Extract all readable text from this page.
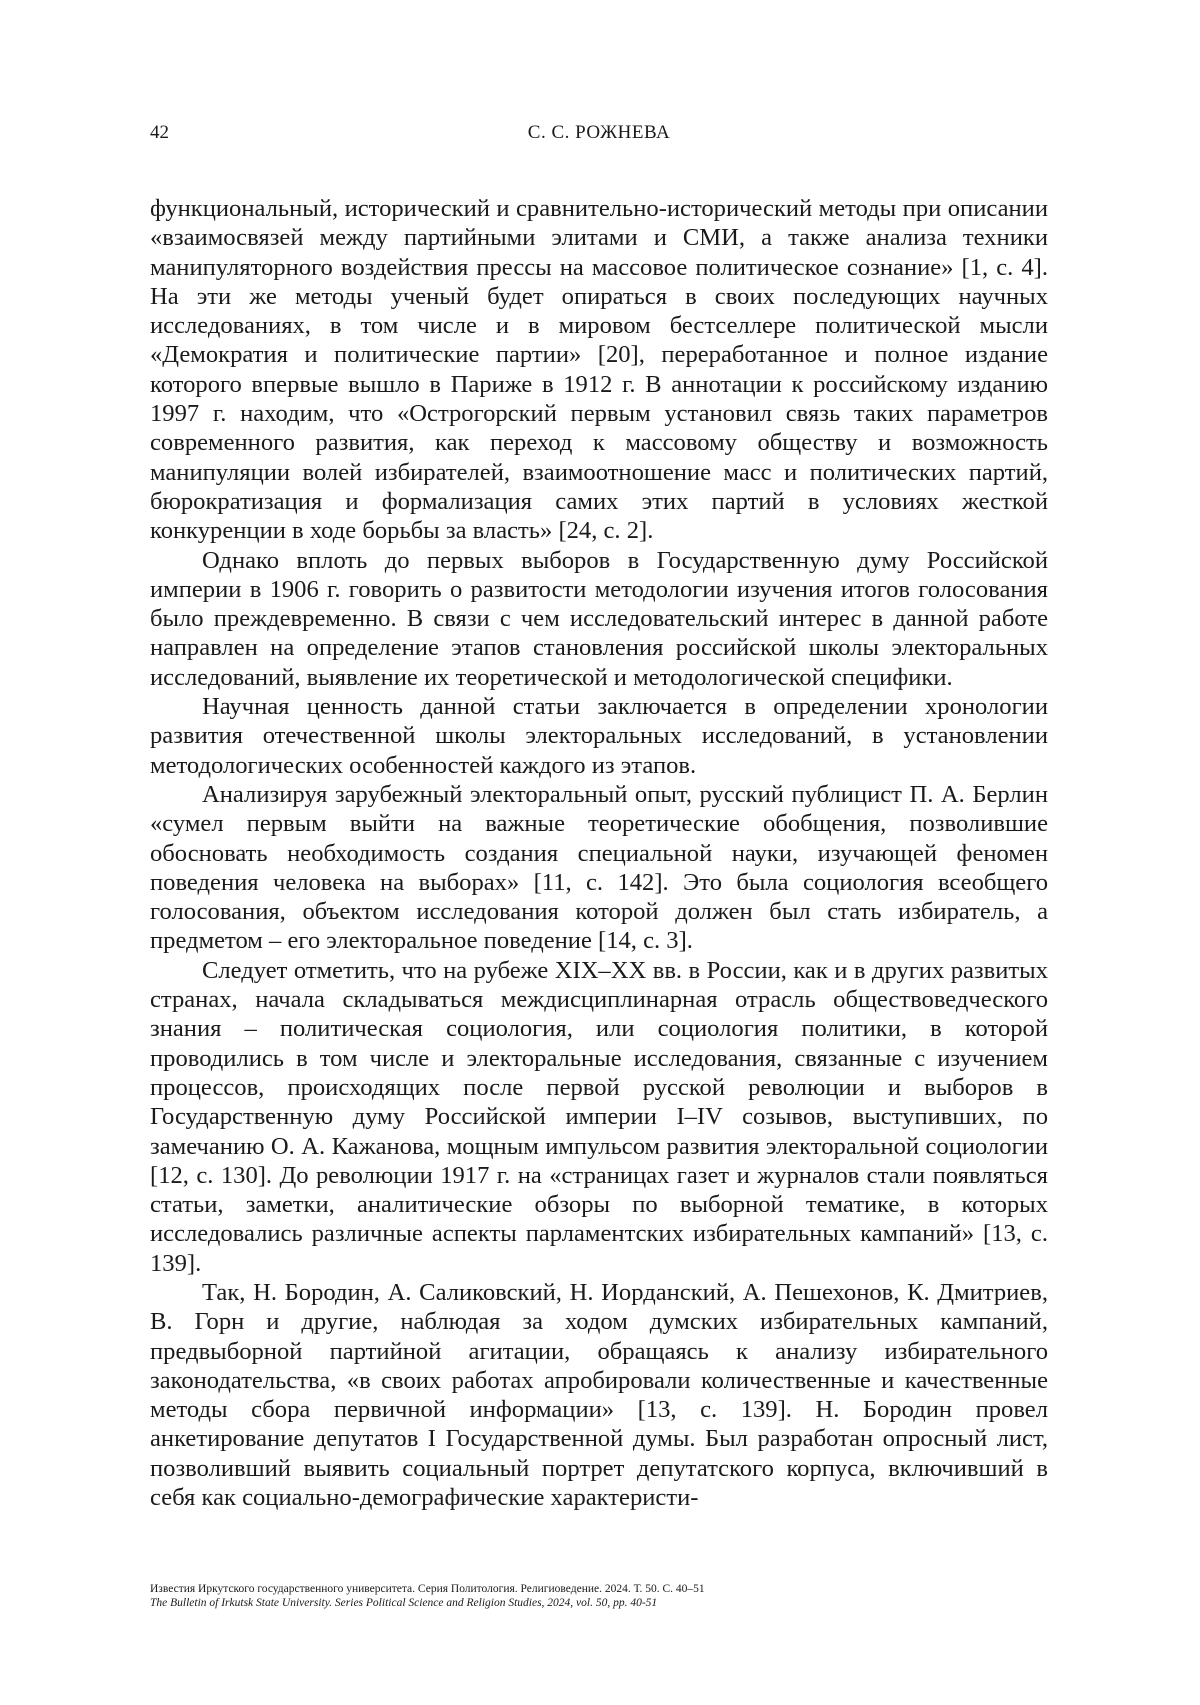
42	С. С. РОЖНЕВА

функциональный, исторический и сравнительно-исторический методы при описании «взаимосвязей между партийными элитами и СМИ, а также анализа техники манипуляторного воздействия прессы на массовое политическое сознание» [1, с. 4]. На эти же методы ученый будет опираться в своих последующих научных исследованиях, в том числе и в мировом бестселлере политической мысли «Демократия и политические партии» [20], переработанное и полное издание которого впервые вышло в Париже в 1912 г. В аннотации к российскому изданию 1997 г. находим, что «Острогорский первым установил связь таких параметров современного развития, как переход к массовому обществу и возможность манипуляции волей избирателей, взаимоотношение масс и политических партий, бюрократизация и формализация самих этих партий в условиях жесткой конкуренции в ходе борьбы за власть» [24, с. 2].

Однако вплоть до первых выборов в Государственную думу Российской империи в 1906 г. говорить о развитости методологии изучения итогов голосования было преждевременно. В связи с чем исследовательский интерес в данной работе направлен на определение этапов становления российской школы электоральных исследований, выявление их теоретической и методологической специфики.

Научная ценность данной статьи заключается в определении хронологии развития отечественной школы электоральных исследований, в установлении методологических особенностей каждого из этапов.

Анализируя зарубежный электоральный опыт, русский публицист П. А. Берлин «сумел первым выйти на важные теоретические обобщения, позволившие обосновать необходимость создания специальной науки, изучающей феномен поведения человека на выборах» [11, с. 142]. Это была социология всеобщего голосования, объектом исследования которой должен был стать избиратель, а предметом – его электоральное поведение [14, с. 3].

Следует отметить, что на рубеже XIX–XX вв. в России, как и в других развитых странах, начала складываться междисциплинарная отрасль обществоведческого знания – политическая социология, или социология политики, в которой проводились в том числе и электоральные исследования, связанные с изучением процессов, происходящих после первой русской революции и выборов в Государственную думу Российской империи I–IV созывов, выступивших, по замечанию О. А. Кажанова, мощным импульсом развития электоральной социологии [12, с. 130]. До революции 1917 г. на «страницах газет и журналов стали появляться статьи, заметки, аналитические обзоры по выборной тематике, в которых исследовались различные аспекты парламентских избирательных кампаний» [13, с. 139].

Так, Н. Бородин, А. Саликовский, Н. Иорданский, А. Пешехонов, К. Дмитриев, В. Горн и другие, наблюдая за ходом думских избирательных кампаний, предвыборной партийной агитации, обращаясь к анализу избирательного законодательства, «в своих работах апробировали количественные и качественные методы сбора первичной информации» [13, с. 139]. Н. Бородин провел анкетирование депутатов I Государственной думы. Был разработан опросный лист, позволивший выявить социальный портрет депутатского корпуса, включивший в себя как социально-демографические характеристи-

Известия Иркутского государственного университета. Серия Политология. Религиоведение. 2024. Т. 50. С. 40–51
The Bulletin of Irkutsk State University. Series Political Science and Religion Studies, 2024, vol. 50, pp. 40-51
